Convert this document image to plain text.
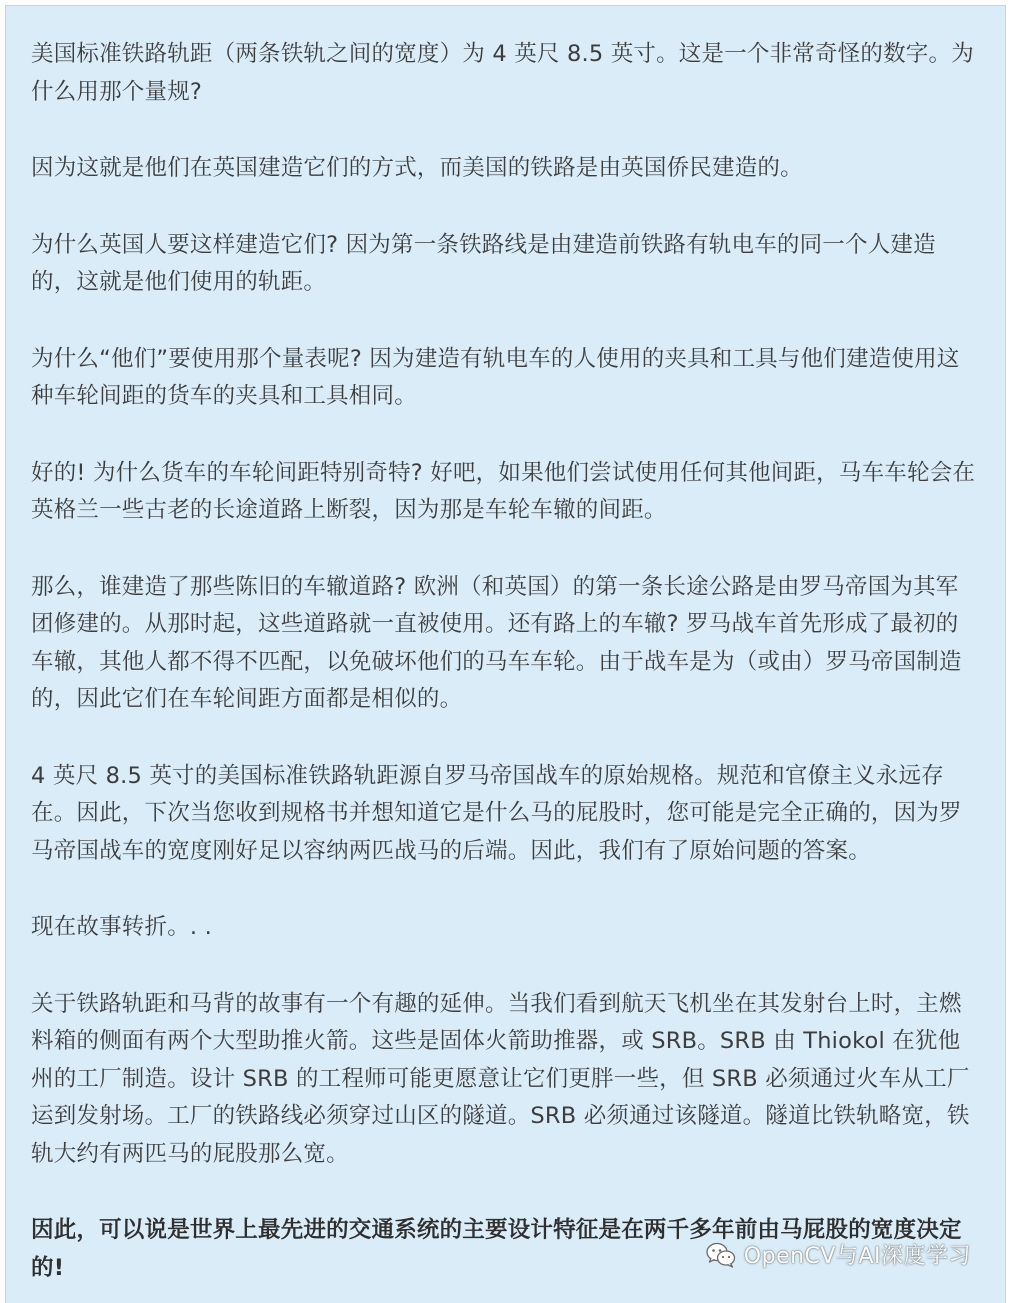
美国标准铁路轨距（两条铁轨之间的宽度）为 4 英尺 8.5 英寸。这是一个非常奇怪的数字。为什么用那个量规?

因为这就是他们在英国建造它们的方式，而美国的铁路是由英国侨民建造的。

为什么英国人要这样建造它们? 因为第一条铁路线是由建造前铁路有轨电车的同一个人建造的，这就是他们使用的轨距。

为什么“他们”要使用那个量表呢? 因为建造有轨电车的人使用的夹具和工具与他们建造使用这种车轮间距的货车的夹具和工具相同。

好的! 为什么货车的车轮间距特别奇特? 好吧，如果他们尝试使用任何其他间距，马车车轮会在英格兰一些古老的长途道路上断裂，因为那是车轮车辙的间距。

那么，谁建造了那些陈旧的车辙道路? 欧洲（和英国）的第一条长途公路是由罗马帝国为其军团修建的。从那时起，这些道路就一直被使用。还有路上的车辙? 罗马战车首先形成了最初的车辙，其他人都不得不匹配，以免破坏他们的马车车轮。由于战车是为（或由）罗马帝国制造的，因此它们在车轮间距方面都是相似的。

4 英尺 8.5 英寸的美国标准铁路轨距源自罗马帝国战车的原始规格。规范和官僚主义永远存在。因此，下次当您收到规格书并想知道它是什么马的屁股时，您可能是完全正确的，因为罗马帝国战车的宽度刚好足以容纳两匹战马的后端。因此，我们有了原始问题的答案。

现在故事转折。. .

关于铁路轨距和马背的故事有一个有趣的延伸。当我们看到航天飞机坐在其发射台上时，主燃料箱的侧面有两个大型助推火箭。这些是固体火箭助推器，或 SRB。SRB 由 Thiokol 在犹他州的工厂制造。设计 SRB 的工程师可能更愿意让它们更胖一些，但 SRB 必须通过火车从工厂运到发射场。工厂的铁路线必须穿过山区的隧道。SRB 必须通过该隧道。隧道比铁轨略宽，铁轨大约有两匹马的屁股那么宽。

因此，可以说是世界上最先进的交通系统的主要设计特征是在两千多年前由马屁股的宽度决定的!	OpenCV与AI深度学习
